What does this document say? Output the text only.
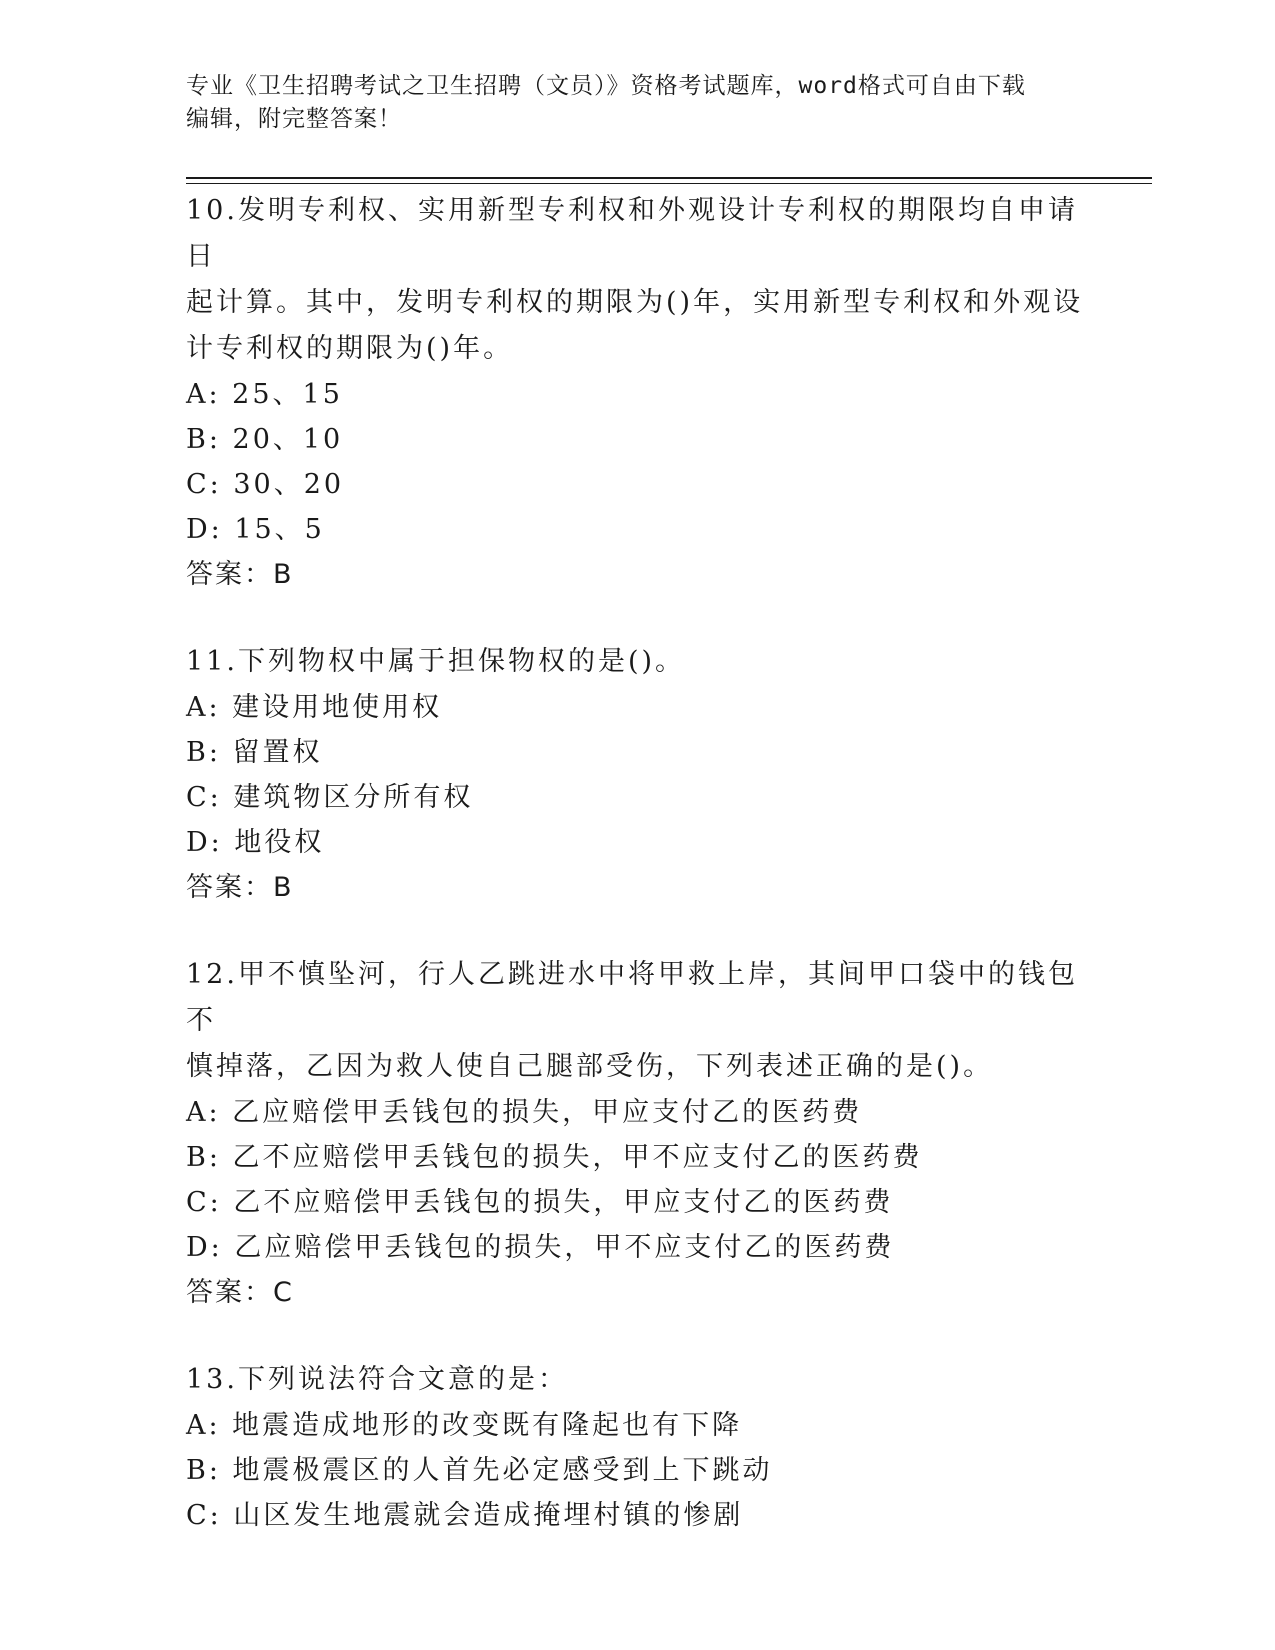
专业《卫生招聘考试之卫生招聘（文员）》资格考试题库，word格式可自由下载
编辑，附完整答案！
10.发明专利权、实用新型专利权和外观设计专利权的期限均自申请日
起计算。其中，发明专利权的期限为()年，实用新型专利权和外观设
计专利权的期限为()年。
A: 25、15
B: 20、10
C: 30、20
D: 15、5
答案：B
11.下列物权中属于担保物权的是()。
A: 建设用地使用权
B: 留置权
C: 建筑物区分所有权
D: 地役权
答案：B
12.甲不慎坠河，行人乙跳进水中将甲救上岸，其间甲口袋中的钱包不
慎掉落，乙因为救人使自己腿部受伤，下列表述正确的是()。
A: 乙应赔偿甲丢钱包的损失，甲应支付乙的医药费
B: 乙不应赔偿甲丢钱包的损失，甲不应支付乙的医药费
C: 乙不应赔偿甲丢钱包的损失，甲应支付乙的医药费
D: 乙应赔偿甲丢钱包的损失，甲不应支付乙的医药费
答案：C
13.下列说法符合文意的是：
A: 地震造成地形的改变既有隆起也有下降
B: 地震极震区的人首先必定感受到上下跳动
C: 山区发生地震就会造成掩埋村镇的惨剧
